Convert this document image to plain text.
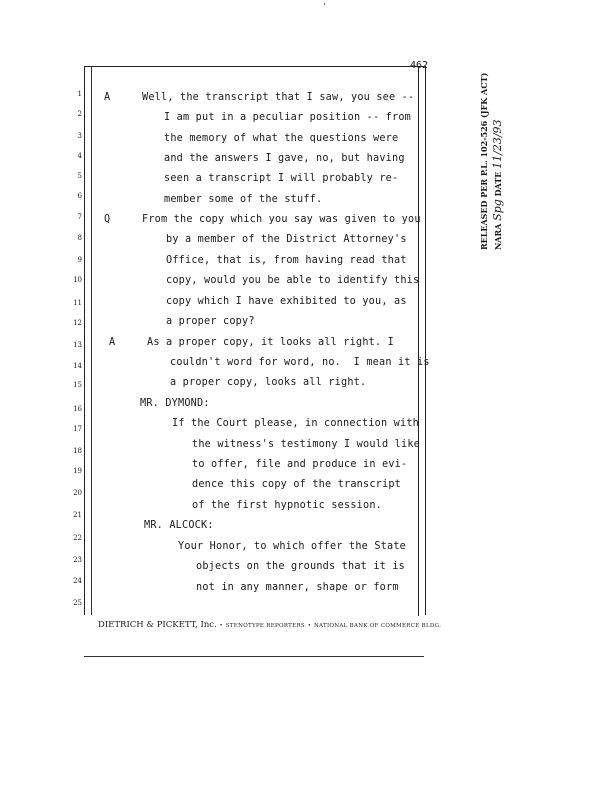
'
462
1 A     Well, the transcript that I saw, you see --
2	I am put in a peculiar position -- from
3	the memory of what the questions were
4	and the answers I gave, no, but having
5	seen a transcript I will probably re-
6	member some of the stuff.
7 Q     From the copy which you say was given to you
8	by a member of the District Attorney's
9	Office, that is, from having read that
10	copy, would you be able to identify this
11	copy which I have exhibited to you, as
12	a proper copy?
13	A     As a proper copy, it looks all right. I
14	couldn't word for word, no.  I mean it is
15	a proper copy, looks all right.
16	MR. DYMOND:
17	If the Court please, in connection with
18
the witness's testimony I would like
19
to offer, file and produce in evi-
20
dence this copy of the transcript
21
of the first hypnotic session.
22
MR. ALCOCK:
23
Your Honor, to which offer the State
24
objects on the grounds that it is
25
not in any manner, shape or form
DIETRICH & PICKETT, Inc. • STENOTYPE REPORTERS • NATIONAL BANK OF COMMERCE BLDG.
RELEASED PER P.L. 102-526 (JFK ACT) NARA Spg DATE 11/23/93
